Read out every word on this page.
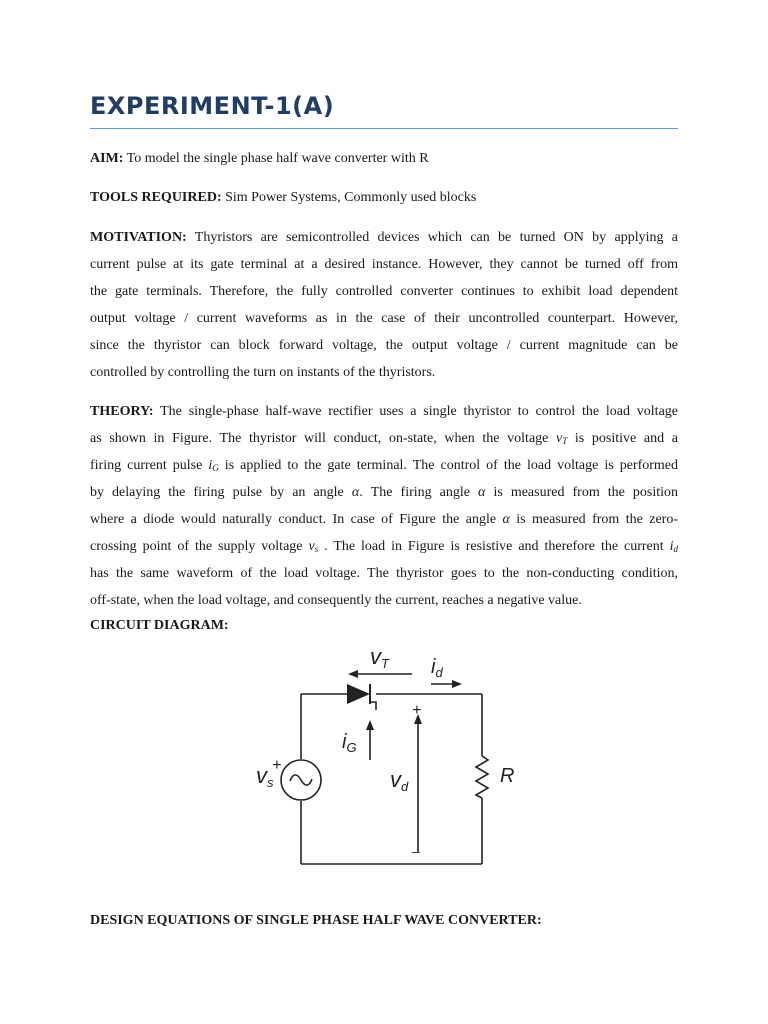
EXPERIMENT-1(A)
AIM: To model the single phase half wave converter with R
TOOLS REQUIRED: Sim Power Systems, Commonly used blocks
MOTIVATION: Thyristors are semicontrolled devices which can be turned ON by applying a
current pulse at its gate terminal at a desired instance. However, they cannot be turned off from
the gate terminals. Therefore, the fully controlled converter continues to exhibit load dependent
output voltage / current waveforms as in the case of their uncontrolled counterpart. However,
since the thyristor can block forward voltage, the output voltage / current magnitude can be
controlled by controlling the turn on instants of the thyristors.
THEORY: The single-phase half-wave rectifier uses a single thyristor to control the load voltage
as shown in Figure. The thyristor will conduct, on-state, when the voltage $v_T$ is positive and a
firing current pulse $i_G$ is applied to the gate terminal. The control of the load voltage is performed
by delaying the firing pulse by an angle α. The firing angle α is measured from the position
where a diode would naturally conduct. In case of Figure the angle α is measured from the zero-
crossing point of the supply voltage $v_s$ . The load in Figure is resistive and therefore the current $i_d$
has the same waveform of the load voltage. The thyristor goes to the non-conducting condition,
off-state, when the load voltage, and consequently the current, reaches a negative value.
CIRCUIT DIAGRAM:
vT $i_d$
$i_G$
vs
+
vd
+
–
R
DESIGN EQUATIONS OF SINGLE PHASE HALF WAVE CONVERTER:
